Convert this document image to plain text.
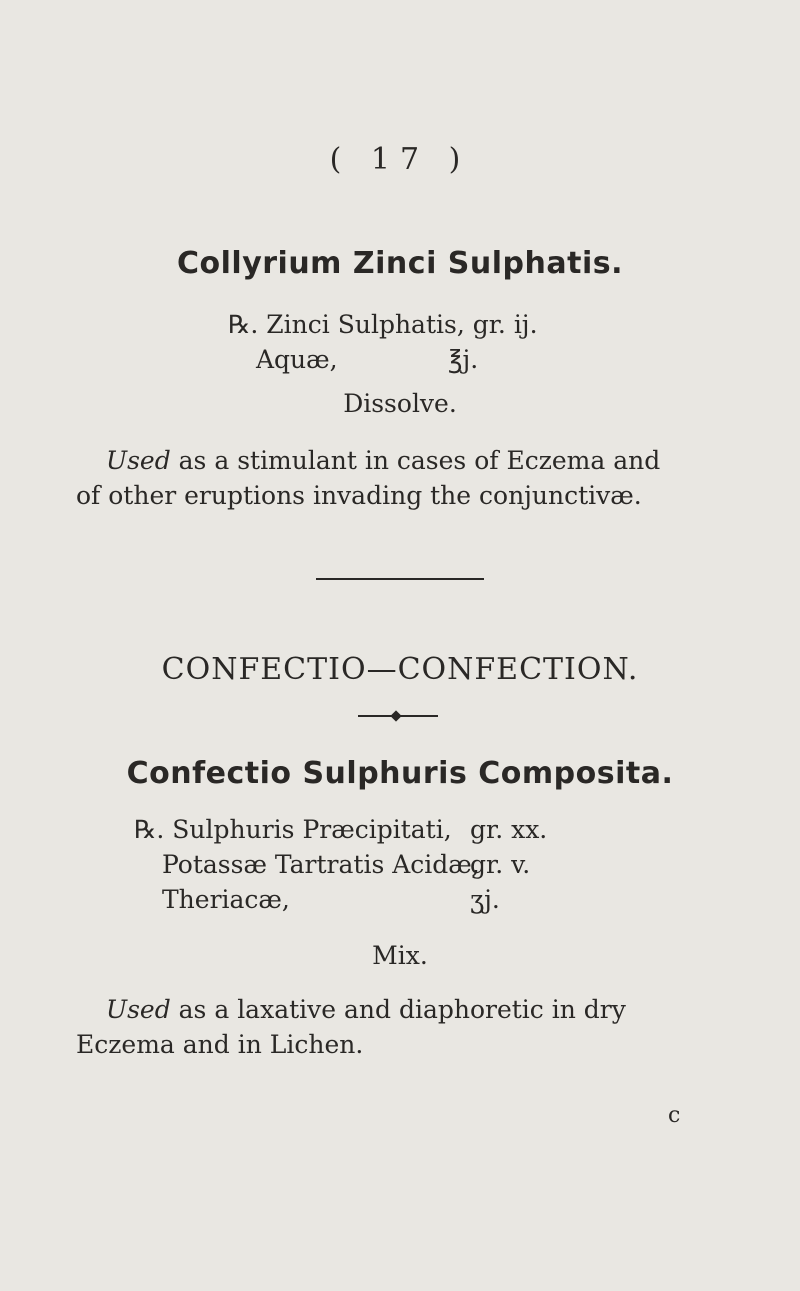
( 17 )
Collyrium Zinci Sulphatis.
℞. Zinci Sulphatis, gr. ij.
Aquæ,	℥j.
Dissolve.
Used as a stimulant in cases of Eczema and
of other eruptions invading the conjunctivæ.
CONFECTIO—CONFECTION.
Confectio Sulphuris Composita.
℞. Sulphuris Præcipitati, gr. xx.
Potassæ Tartratis Acidæ,
gr. v.
Theriacæ,	ʒj.
Mix.
Used as a laxative and diaphoretic in dry
Eczema and in Lichen.
c
